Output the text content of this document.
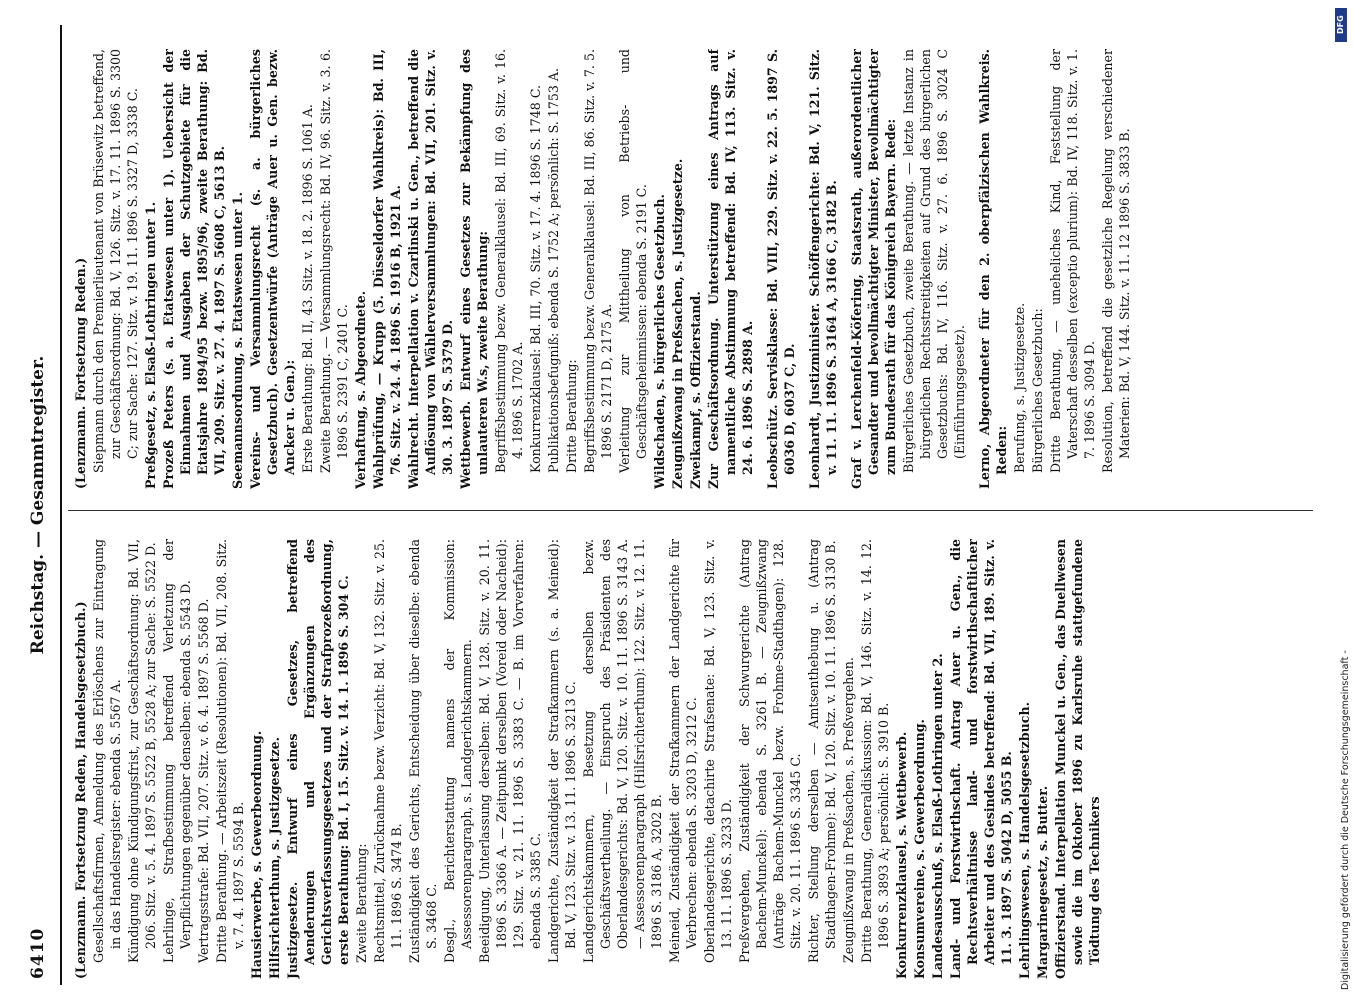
6410
Reichstag. — Gesammtregister.

(Lenzmann. Fortsetzung Reden, Handelsgesetzbuch.) Gesellschaftsfirmen, Anmeldung des Erlöschens zur Eintragung in das Handelsregister: ebenda S. 5567 A. Kündigung ohne Kündigungsfrist, zur Geschäftsordnung: Bd. VII, 206. Sitz. v. 5. 4. 1897 S. 5522 B, 5528 A; zur Sache: S. 5522 D. Lehrlinge, Strafbestimmung betreffend Verletzung der Verpflichtungen gegenüber denselben: ebenda S. 5543 D. Vertragsstrafe: Bd. VII, 207. Sitz. v. 6. 4. 1897 S. 5568 D. Dritte Berathung. — Arbeitszeit (Resolutionen): Bd. VII, 208. Sitz. v. 7. 4. 1897 S. 5594 B. Hausierwerbe, s. Gewerbeordnung. Hilfsrichterthum, s. Justizgesetze. Justizgesetze. Entwurf eines Gesetzes, betreffend Aenderungen und Ergänzungen des Gerichtsverfassungsgesetzes und der Strafprozeßordnung, erste Berathung: Bd. I, 15. Sitz. v. 14. 1. 1896 S. 304 C. Zweite Berathung: Rechtsmittel, Zurücknahme bezw. Verzicht: Bd. V, 132. Sitz. v. 25. 11. 1896 S. 3474 B. Zuständigkeit des Gerichts, Entscheidung über dieselbe: ebenda S. 3468 C. Desgl., Berichterstattung namens der Kommission: Assessorenparagraph, s. Landgerichtskammern. Beeidigung, Unterlassung derselben: Bd. V, 128. Sitz. v. 20. 11. 1896 S. 3366 A. — Zeitpunkt derselben (Voreid oder Nacheid): 129. Sitz. v. 21. 11. 1896 S. 3383 C. — B. im Vorverfahren: ebenda S. 3385 C. Landgerichte, Zuständigkeit der Strafkammern (s. a. Meineid): Bd. V, 123. Sitz. v. 13. 11. 1896 S. 3213 C. Landgerichtskammern, Besetzung derselben bezw. Geschäftsvertheilung. — Einspruch des Präsidenten des Oberlandesgerichts: Bd. V, 120. Sitz. v. 10. 11. 1896 S. 3143 A. — Assessorenparagraph (Hilfsrichterthum): 122. Sitz. v. 12. 11. 1896 S. 3186 A, 3202 B. Meineid, Zuständigkeit der Strafkammern der Landgerichte für Verbrechen: ebenda S. 3203 D, 3212 C. Oberlandesgerichte, detachirte Strafsenate: Bd. V, 123. Sitz. v. 13. 11. 1896 S. 3233 D. Preßvergehen, Zuständigkeit der Schwurgerichte (Antrag Bachem-Munckel): ebenda S. 3261 B. — Zeugnißzwang (Anträge Bachem-Munckel bezw. Frohme-Stadthagen): 128. Sitz. v. 20. 11. 1896 S. 3345 C. Richter, Stellung derselben — Amtsenthebung u. (Antrag Stadthagen-Frohme): Bd. V, 120. Sitz. v. 10. 11. 1896 S. 3130 B. Zeugnißzwang in Preßsachen, s. Preßvergehen. Dritte Berathung, Generaldiskussion: Bd. V, 146. Sitz. v. 14. 12. 1896 S. 3893 A; persönlich: S. 3910 B. Konkurrenzklausel, s. Wettbewerb. Konsumvereine, s. Gewerbeordnung. Landesausschuß, s. Elsaß-Lothringen unter 2. Land- und Forstwirthschaft. Antrag Auer u. Gen., die Rechtsverhältnisse land- und forstwirthschaftlicher Arbeiter und des Gesindes betreffend: Bd. VII, 189. Sitz. v. 11. 3. 1897 S. 5042 D, 5055 B. Lehrlingswesen, s. Handelsgesetzbuch. Margarinegesetz, s. Butter. Offizierstand. Interpellation Munckel u. Gen., das Duellwesen sowie die im Oktober 1896 zu Karlsruhe stattgefundene Tödtung des Technikers

(Lenzmann. Fortsetzung Reden.) Siepmann durch den Premierlieutenant von Brüsewitz betreffend, zur Geschäftsordnung: Bd. V, 126. Sitz. v. 17. 11. 1896 S. 3300 C; zur Sache: 127. Sitz. v. 19. 11. 1896 S. 3327 D, 3338 C. Preßgesetz, s. Elsaß-Lothringen unter 1. Prozeß Peters (s. a. Etatswesen unter 1). Uebersicht der Einnahmen und Ausgaben der Schutzgebiete für die Etatsjahre 1894/95 bezw. 1895/96, zweite Berathung: Bd. VII, 209. Sitz. v. 27. 4. 1897 S. 5608 C, 5613 B. Seemannsordnung, s. Etatswesen unter 1. Vereins- und Versammlungsrecht (s. a. bürgerliches Gesetzbuch). Gesetzentwürfe (Anträge Auer u. Gen. bezw. Ancker u. Gen.): Erste Berathung: Bd. II, 43. Sitz. v. 18. 2. 1896 S. 1061 A. Zweite Berathung. — Versammlungsrecht: Bd. IV, 96. Sitz. v. 3. 6. 1896 S. 2391 C, 2401 C. Verhaftung, s. Abgeordnete. Wahlprüfung, — Krupp (5. Düsseldorfer Wahlkreis): Bd. III, 76. Sitz. v. 24. 4. 1896 S. 1916 B, 1921 A. Wahlrecht. Interpellation v. Czarlinski u. Gen., betreffend die Auflösung von Wählerversammlungen: Bd. VII, 201. Sitz. v. 30. 3. 1897 S. 5379 D. Wettbewerb. Entwurf eines Gesetzes zur Bekämpfung des unlauteren W.s, zweite Berathung: Begriffsbestimmung bezw. Generalklausel: Bd. III, 69. Sitz. v. 16. 4. 1896 S. 1702 A. Konkurrenzklausel: Bd. III, 70. Sitz. v. 17. 4. 1896 S. 1748 C. Publikationsbefugniß: ebenda S. 1752 A; persönlich: S. 1753 A. Dritte Berathung: Begriffsbestimmung bezw. Generalklausel: Bd. III, 86. Sitz. v. 7. 5. 1896 S. 2171 D, 2175 A. Verleitung zur Mittheilung von Betriebs- und Geschäftsgeheimnissen: ebenda S. 2191 C. Wildschaden, s. bürgerliches Gesetzbuch. Zeugnißzwang in Preßsachen, s. Justizgesetze. Zweikampf, s. Offizierstand. Zur Geschäftsordnung. Unterstützung eines Antrags auf namentliche Abstimmung betreffend: Bd. IV, 113. Sitz. v. 24. 6. 1896 S. 2898 A. Leobschütz. Servisklasse: Bd. VIII, 229. Sitz. v. 22. 5. 1897 S. 6036 D, 6037 C, D. Leonhardt, Justizminister. Schöffengerichte: Bd. V, 121. Sitz. v. 11. 11. 1896 S. 3164 A, 3166 C, 3182 B. Graf v. Lerchenfeld-Köfering, Staatsrath, außerordentlicher Gesandter und bevollmächtigter Minister, Bevollmächtigter zum Bundesrath für das Königreich Bayern. Rede: Bürgerliches Gesetzbuch, zweite Berathung. — letzte Instanz in bürgerlichen Rechtsstreitigkeiten auf Grund des bürgerlichen Gesetzbuchs: Bd. IV, 116. Sitz. v. 27. 6. 1896 S. 3024 C (Einführungsgesetz). Lerno, Abgeordneter für den 2. oberpfälzischen Wahlkreis. Reden: Berufung, s. Justizgesetze. Bürgerliches Gesetzbuch: Dritte Berathung, — uneheliches Kind, Feststellung der Vaterschaft desselben (exceptio plurium): Bd. IV, 118. Sitz. v. 1. 7. 1896 S. 3094 D. Resolution, betreffend die gesetzliche Regelung verschiedener Materien: Bd. V, 144. Sitz. v. 11. 12 1896 S. 3833 B.

DFG
Digitalisierung gefördert durch die Deutsche Forschungsgemeinschaft -
